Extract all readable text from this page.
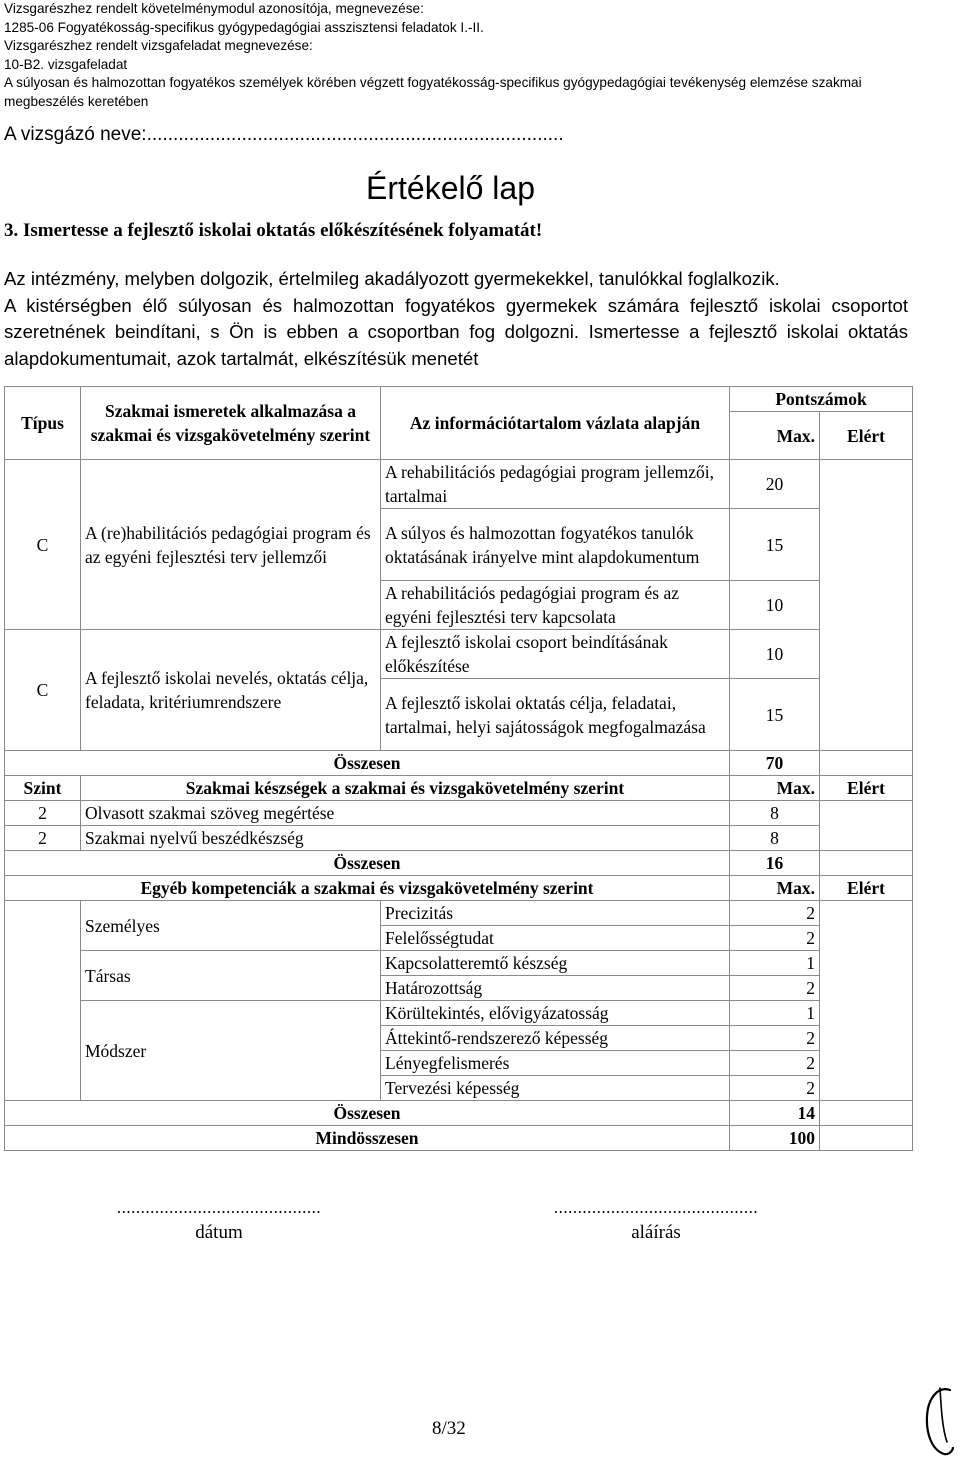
Vizsgarészhez rendelt követelménymodul azonosítója, megnevezése:
1285-06 Fogyatékosság-specifikus gyógypedagógiai asszisztensi feladatok I.-II.
Vizsgarészhez rendelt vizsgafeladat megnevezése:
10-B2. vizsgafeladat
A súlyosan és halmozottan fogyatékos személyek körében végzett fogyatékosság-specifikus gyógypedagógiai tevékenység elemzése szakmai
megbeszélés keretében
A vizsgázó neve:...............................................................................
Értékelő lap
3. Ismertesse a fejlesztő iskolai oktatás előkészítésének folyamatát!

Az intézmény, melyben dolgozik, értelmileg akadályozott gyermekekkel, tanulókkal foglalkozik.

A kistérségben élő súlyosan és halmozottan fogyatékos gyermekek számára fejlesztő iskolai csoportot szeretnének beindítani, s Ön is ebben a csoportban fog dolgozni. Ismertesse a fejlesztő iskolai oktatás alapdokumentumait, azok tartalmát, elkészítésük menetét

Típus	Szakmai ismeretek alkalmazása a szakmai és vizsgakövetelmény szerint	Az információtartalom vázlata alapján	Pontszámok	
			Max.	Elért

C	A (re)habilitációs pedagógiai program és az egyéni fejlesztési terv jellemzői	A rehabilitációs pedagógiai program jellemzői, tartalmai	20	
		A súlyos és halmozottan fogyatékos tanulók oktatásának irányelve mint alapdokumentum	15	
		A rehabilitációs pedagógiai program és az egyéni fejlesztési terv kapcsolata	10	
C	A fejlesztő iskolai nevelés, oktatás célja, feladata, kritériumrendszere	A fejlesztő iskolai csoport beindításának előkészítése	10	
		A fejlesztő iskolai oktatás célja, feladatai, tartalmai, helyi sajátosságok megfogalmazása	15	
Összesen			70	
Szint	Szakmai készségek a szakmai és vizsgakövetelmény szerint		Max.	Elért
2	Olvasott szakmai szöveg megértése		8	
2	Szakmai nyelvű beszédkészség		8	
Összesen			16	
Egyéb kompetenciák a szakmai és vizsgakövetelmény szerint			Max.	Elért
	Személyes	Precizitás	2	
		Felelősségtudat	2	
	Társas	Kapcsolatteremtő készség	1	
		Határozottság	2	
	Módszer	Körültekintés, elővigyázatosság	1	
		Áttekintő-rendszerező képesség	2	
		Lényegfelismerés	2	
		Tervezési képesség	2	
Összesen			14	
Mindösszesen			100	
...........................................
dátum
...........................................
aláírás
8/32
